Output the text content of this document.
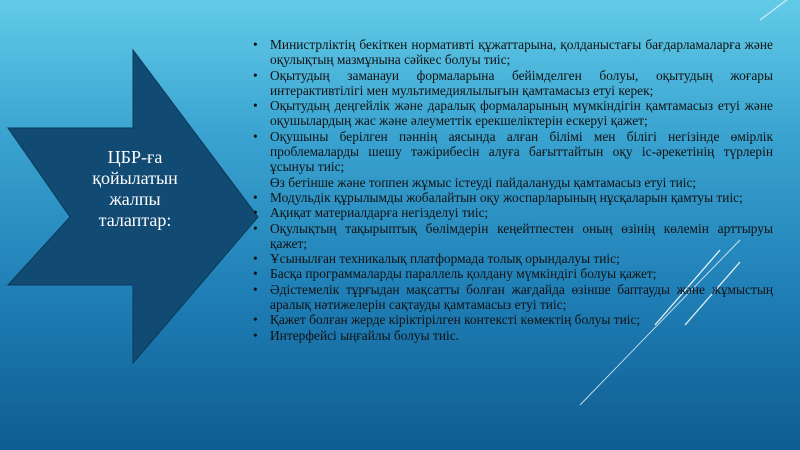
ЦБР-ға
қойылатын
жалпы
талаптар:
• Министрліктің бекіткен нормативті құжаттарына, қолданыстағы бағдарламаларға және оқулықтың мазмұнына сәйкес болуы тиіс;
• Оқытудың заманауи формаларына бейімделген болуы, оқытудың жоғары интерактивтілігі мен мультимедиялылығын қамтамасыз етуі керек;
• Оқытудың деңгейлік және даралық формаларының мүмкіндігін қамтамасыз етуі және оқушылардың жас және әлеуметтік ерекшеліктерін ескеруі қажет;
• Оқушыны берілген пәннің аясында алған білімі мен білігі негізінде өмірлік проблемаларды шешу тәжірибесін алуға бағыттайтын оқу іс-әрекетінің түрлерін ұсынуы тиіс;
Өз бетінше және топпен жұмыс істеуді пайдалануды қамтамасыз етуі тиіс;
• Модульдік құрылымды жобалайтын оқу жоспарларының нұсқаларын қамтуы тиіс;
• Ақиқат материалдарға негізделуі тиіс;
• Оқулықтың тақырыптық бөлімдерін кеңейтпестен оның өзінің көлемін арттыруы қажет;
• Ұсынылған техникалық платформада толық орындалуы тиіс;
• Басқа программаларды параллель қолдану мүмкіндігі болуы қажет;
• Әдістемелік тұрғыдан мақсатты болған жағдайда өзінше баптауды және жұмыстың аралық нәтижелерін сақтауды қамтамасыз етуі тиіс;
• Қажет болған жерде кіріктірілген контексті көмектің болуы тиіс;
• Интерфейсі ыңғайлы болуы тиіс.
